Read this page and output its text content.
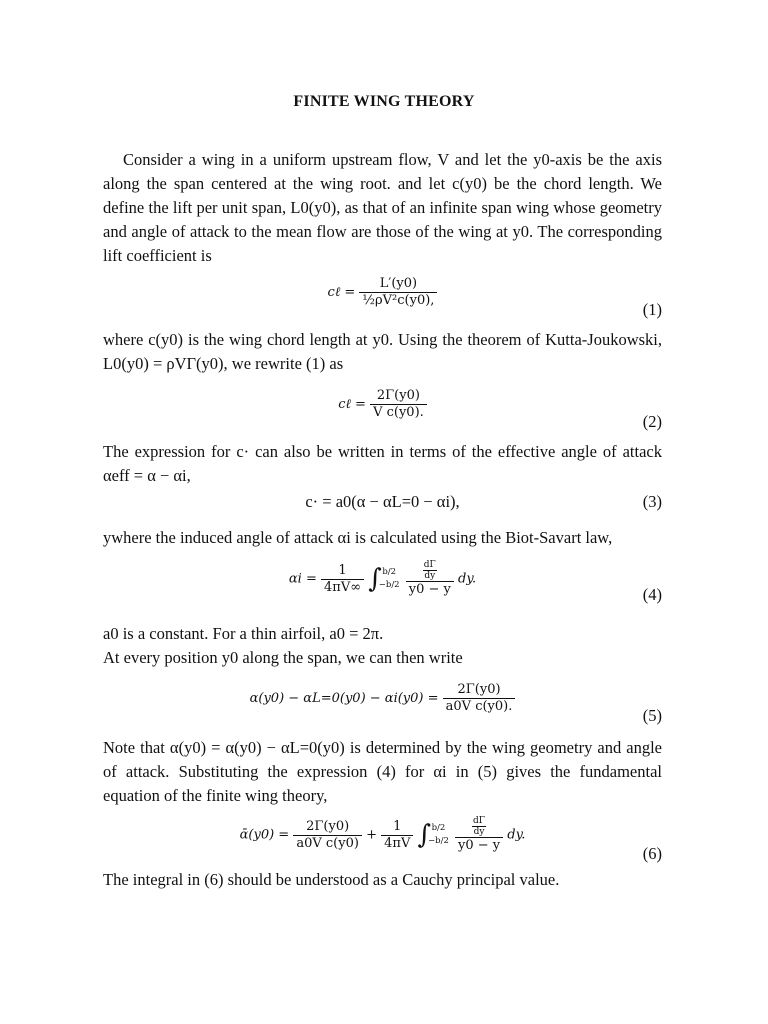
FINITE WING THEORY
Consider a wing in a uniform upstream flow, V and let the y0-axis be the axis along the span centered at the wing root. and let c(y0) be the chord length. We define the lift per unit span, L0(y0), as that of an infinite span wing whose geometry and angle of attack to the mean flow are those of the wing at y0. The corresponding lift coefficient is
cℓ = $\frac{L'(y0)}{\text{½ρV²c(y0),}}$
(1)
where c(y0) is the wing chord length at y0. Using the theorem of Kutta-Joukowski, L0(y0) = ρVΓ(y0), we rewrite (1) as
cℓ = $\frac{2\Gamma(y0)}{\text{V c(y0).}}$
(2)
The expression for c· can also be written in terms of the effective angle of attack αeff = α − αi,
c· = a0(α − αL=0 − αi),	(3)
ywhere the induced angle of attack αi is calculated using the Biot-Savart law,
$\alpha i = \frac{1}{4\pi V\infty}$ ∫ b/2
−b/2
$\frac{\frac{d\Gamma}{dy}}{y0 - y}$ dy.
(4)
a0 is a constant. For a thin airfoil, a0 = 2π.
At every position y0 along the span, we can then write
$\alpha(y0) - \alpha L=0(y0) - \alpha i(y0) = \frac{2\Gamma(y0)}{\text{a0V c(y0).}}$
(5)
Note that α(y0) = α(y0) − αL=0(y0) is determined by the wing geometry and angle of attack. Substituting the expression (4) for αi in (5) gives the fundamental equation of the finite wing theory,
ᾱ(y0) = $\frac{2\Gamma(y0)}{\text{a0V c(y0)}} + \frac{1}{4\pi V}$ ∫ b/2
−b/2
$\frac{\frac{d\Gamma}{dy}}{y0 - y}$ dy.
(6)
The integral in (6) should be understood as a Cauchy principal value.
